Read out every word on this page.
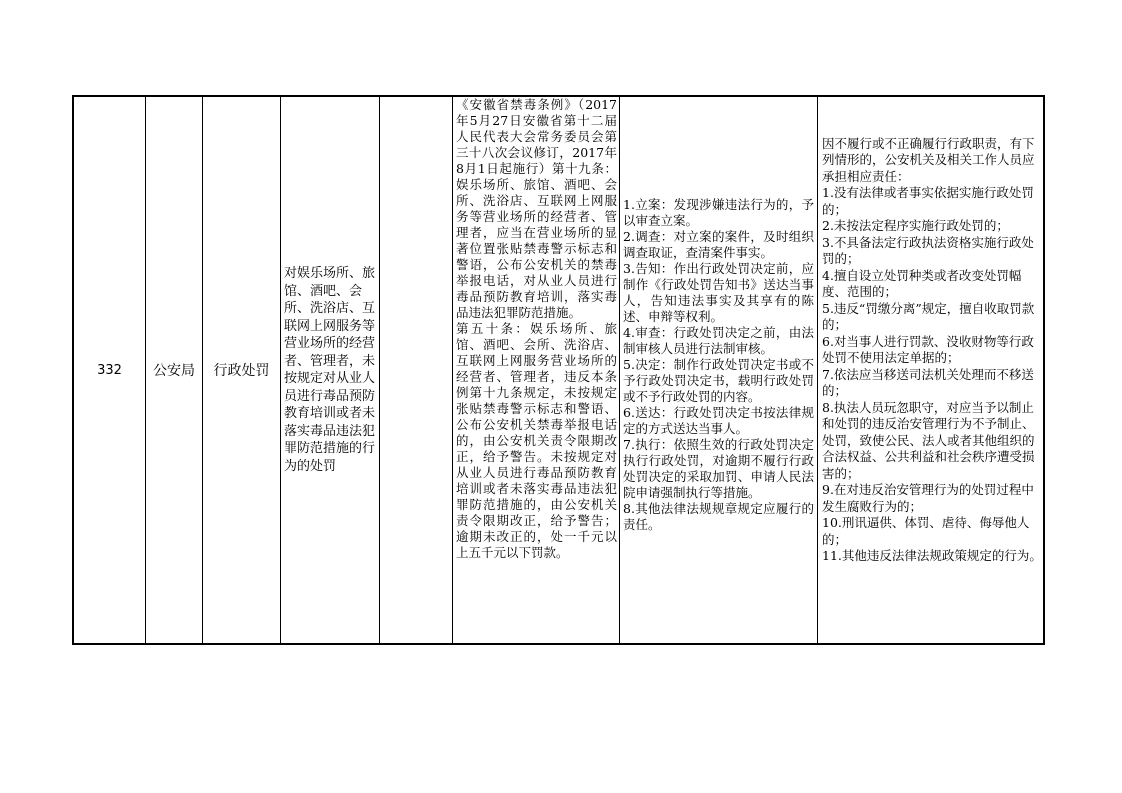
332 公安局 行政处罚
对娱乐场所、旅馆、酒吧、会所、洗浴店、互联网上网服务等营业场所的经营者、管理者，未按规定对从业人员进行毒品预防教育培训或者未落实毒品违法犯罪防范措施的行为的处罚
《安徽省禁毒条例》（2017年5月27日安徽省第十二届人民代表大会常务委员会第三十八次会议修订，2017年8月1日起施行）第十九条：娱乐场所、旅馆、酒吧、会所、洗浴店、互联网上网服务等营业场所的经营者、管理者，应当在营业场所的显著位置张贴禁毒警示标志和警语，公布公安机关的禁毒举报电话，对从业人员进行毒品预防教育培训，落实毒品违法犯罪防范措施。
第五十条：娱乐场所、旅馆、酒吧、会所、洗浴店、互联网上网服务营业场所的经营者、管理者，违反本条例第十九条规定，未按规定张贴禁毒警示标志和警语、公布公安机关禁毒举报电话的，由公安机关责令限期改正，给予警告。未按规定对从业人员进行毒品预防教育培训或者未落实毒品违法犯罪防范措施的，由公安机关责令限期改正，给予警告；逾期未改正的，处一千元以上五千元以下罚款。
1.立案：发现涉嫌违法行为的，予以审查立案。
2.调查：对立案的案件，及时组织调查取证，查清案件事实。
3.告知：作出行政处罚决定前，应制作《行政处罚告知书》送达当事人，告知违法事实及其享有的陈述、申辩等权利。
4.审查：行政处罚决定之前，由法制审核人员进行法制审核。
5.决定：制作行政处罚决定书或不予行政处罚决定书，载明行政处罚或不予行政处罚的内容。
6.送达：行政处罚决定书按法律规定的方式送达当事人。
7.执行：依照生效的行政处罚决定执行行政处罚，对逾期不履行行政处罚决定的采取加罚、申请人民法院申请强制执行等措施。
8.其他法律法规规章规定应履行的责任。
因不履行或不正确履行行政职责，有下列情形的，公安机关及相关工作人员应承担相应责任：
1.没有法律或者事实依据实施行政处罚的；
2.未按法定程序实施行政处罚的；
3.不具备法定行政执法资格实施行政处罚的；
4.擅自设立处罚种类或者改变处罚幅度、范围的；
5.违反“罚缴分离”规定，擅自收取罚款的；
6.对当事人进行罚款、没收财物等行政处罚不使用法定单据的；
7.依法应当移送司法机关处理而不移送的；
8.执法人员玩忽职守，对应当予以制止和处罚的违反治安管理行为不予制止、处罚，致使公民、法人或者其他组织的合法权益、公共利益和社会秩序遭受损害的；
9.在对违反治安管理行为的处罚过程中发生腐败行为的；
10.刑讯逼供、体罚、虐待、侮辱他人的；
11.其他违反法律法规政策规定的行为。
